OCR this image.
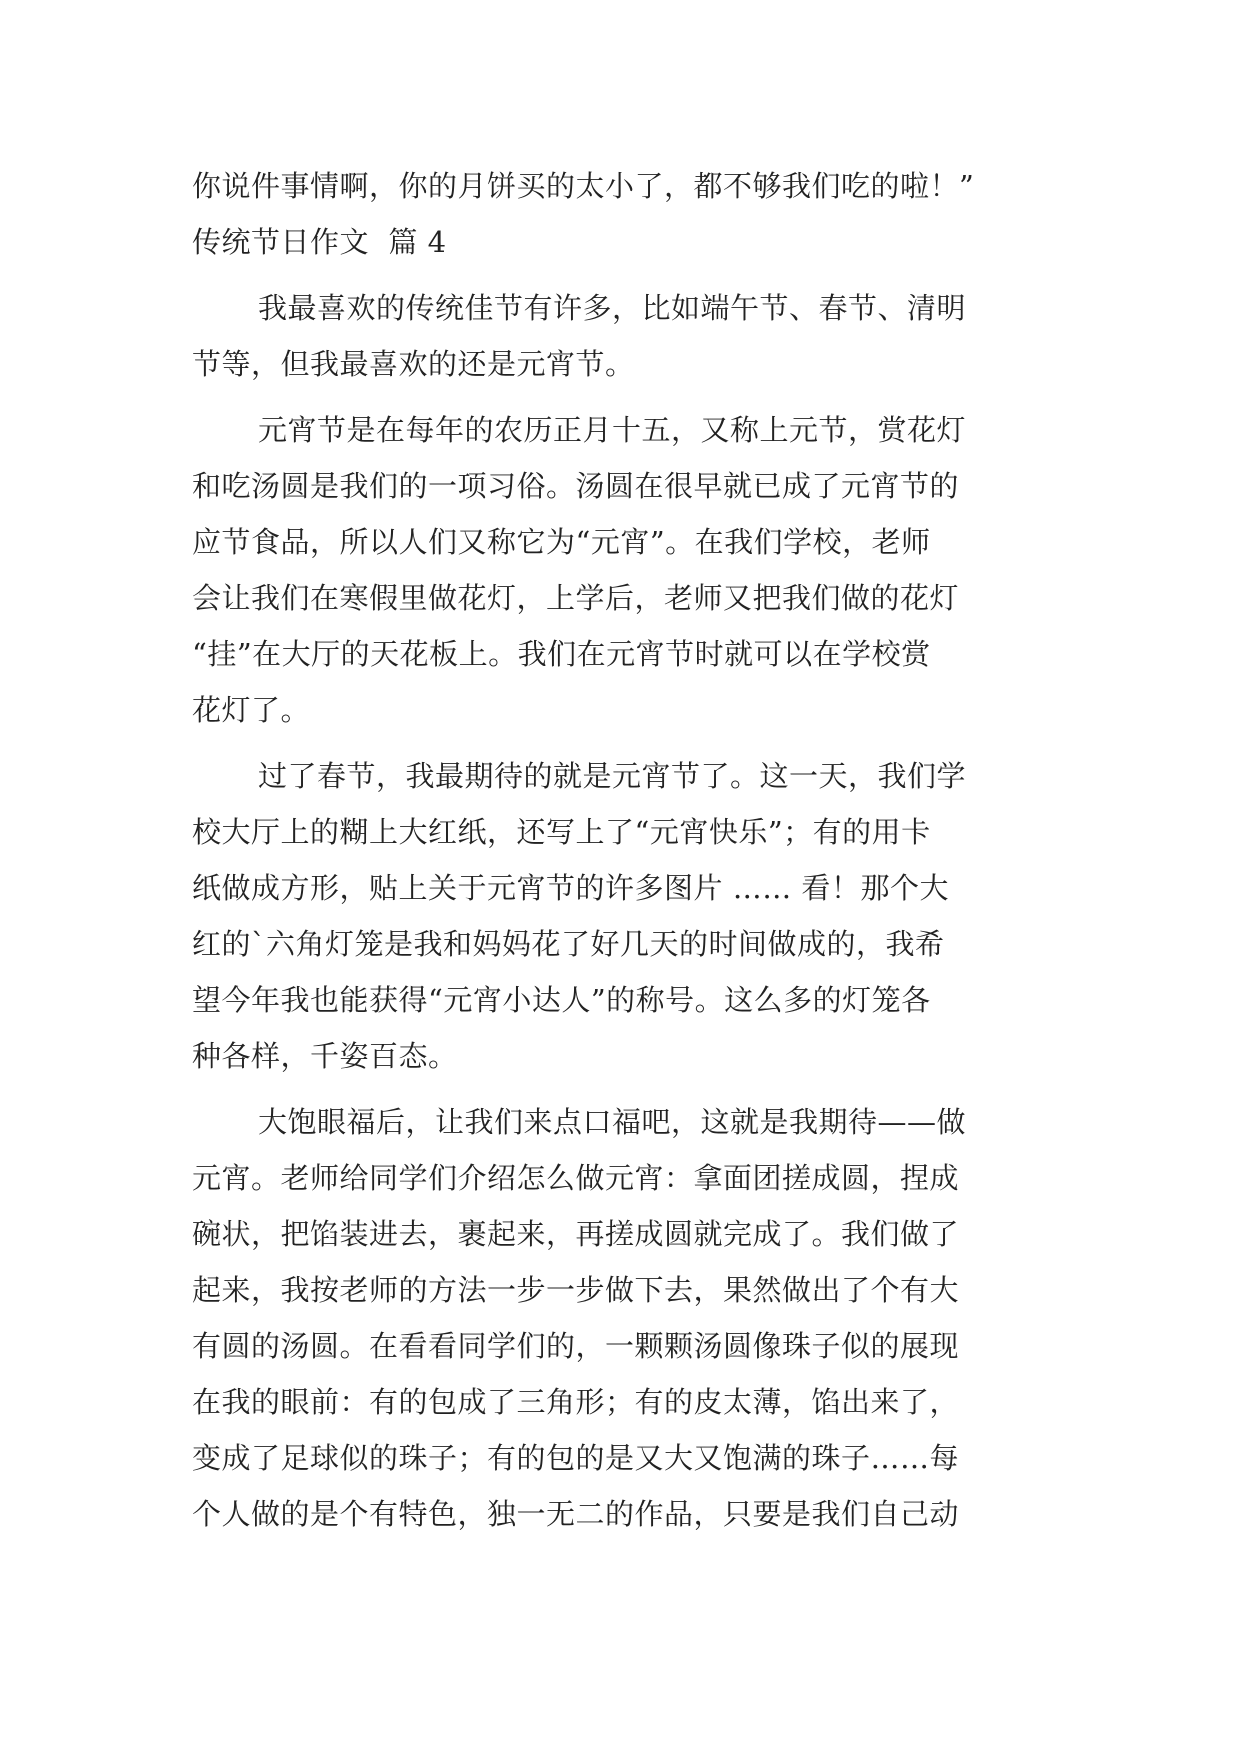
你说件事情啊，你的月饼买的太小了，都不够我们吃的啦！”
传统节日作文  篇 4
我最喜欢的传统佳节有许多，比如端午节、春节、清明
节等，但我最喜欢的还是元宵节。
元宵节是在每年的农历正月十五，又称上元节，赏花灯
和吃汤圆是我们的一项习俗。汤圆在很早就已成了元宵节的
应节食品，所以人们又称它为“元宵”。在我们学校，老师
会让我们在寒假里做花灯，上学后，老师又把我们做的花灯
“挂”在大厅的天花板上。我们在元宵节时就可以在学校赏
花灯了。
过了春节，我最期待的就是元宵节了。这一天，我们学
校大厅上的糊上大红纸，还写上了“元宵快乐”；有的用卡
纸做成方形，贴上关于元宵节的许多图片 …… 看！那个大
红的`六角灯笼是我和妈妈花了好几天的时间做成的，我希
望今年我也能获得“元宵小达人”的称号。这么多的灯笼各
种各样，千姿百态。
大饱眼福后，让我们来点口福吧，这就是我期待——做
元宵。老师给同学们介绍怎么做元宵：拿面团搓成圆，捏成
碗状，把馅装进去，裹起来，再搓成圆就完成了。我们做了
起来，我按老师的方法一步一步做下去，果然做出了个有大
有圆的汤圆。在看看同学们的，一颗颗汤圆像珠子似的展现
在我的眼前：有的包成了三角形；有的皮太薄，馅出来了，
变成了足球似的珠子；有的包的是又大又饱满的珠子……每
个人做的是个有特色，独一无二的作品，只要是我们自己动
